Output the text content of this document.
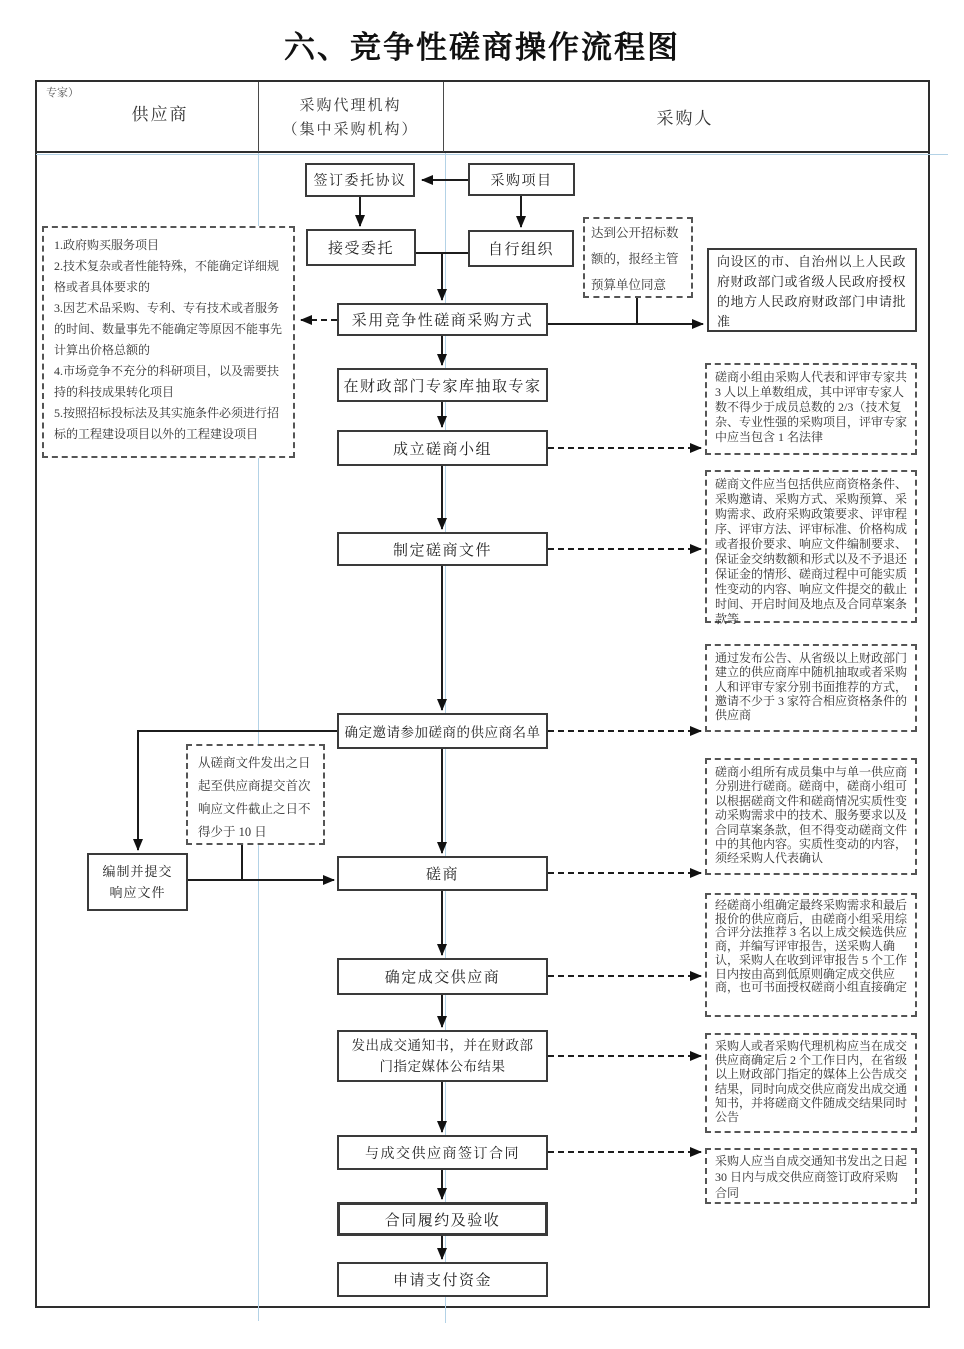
六、竞争性磋商操作流程图
专家）
供应商	采购代理机构
（集中采购机构）
采购人
签订委托协议	采购项目
接受委托	自行组织
采用竞争性磋商采购方式
在财政部门专家库抽取专家
成立磋商小组
制定磋商文件
确定邀请参加磋商的供应商名单
编制并提交
响应文件
磋商
确定成交供应商
发出成交通知书，并在财政部门指定媒体公布结果
与成交供应商签订合同
合同履约及验收
申请支付资金
向设区的市、自治州以上人民政府财政部门或省级人民政府授权的地方人民政府财政部门申请批准
达到公开招标数额的，报经主管预算单位同意
1.政府购买服务项目
2.技术复杂或者性能特殊，不能确定详细规格或者具体要求的
3.因艺术品采购、专利、专有技术或者服务的时间、数量事先不能确定等原因不能事先计算出价格总额的
4.市场竞争不充分的科研项目，以及需要扶持的科技成果转化项目
5.按照招标投标法及其实施条件必须进行招标的工程建设项目以外的工程建设项目
磋商小组由采购人代表和评审专家共 3 人以上单数组成，其中评审专家人数不得少于成员总数的 2/3（技术复杂、专业性强的采购项目，评审专家中应当包含 1 名法律
磋商文件应当包括供应商资格条件、采购邀请、采购方式、采购预算、采购需求、政府采购政策要求、评审程序、评审方法、评审标准、价格构成或者报价要求、响应文件编制要求、保证金交纳数额和形式以及不予退还保证金的情形、磋商过程中可能实质性变动的内容、响应文件提交的截止时间、开启时间及地点及合同草案条款等
通过发布公告、从省级以上财政部门建立的供应商库中随机抽取或者采购人和评审专家分别书面推荐的方式，邀请不少于 3 家符合相应资格条件的供应商
从磋商文件发出之日起至供应商提交首次响应文件截止之日不得少于 10 日
磋商小组所有成员集中与单一供应商分别进行磋商。磋商中，磋商小组可以根据磋商文件和磋商情况实质性变动采购需求中的技术、服务要求以及合同草案条款，但不得变动磋商文件中的其他内容。实质性变动的内容，须经采购人代表确认
经磋商小组确定最终采购需求和最后报价的供应商后，由磋商小组采用综合评分法推荐 3 名以上成交候选供应商，并编写评审报告，送采购人确认，采购人在收到评审报告 5 个工作日内按由高到低原则确定成交供应商，也可书面授权磋商小组直接确定
采购人或者采购代理机构应当在成交供应商确定后 2 个工作日内，在省级以上财政部门指定的媒体上公告成交结果，同时向成交供应商发出成交通知书，并将磋商文件随成交结果同时公告
采购人应当自成交通知书发出之日起 30 日内与成交供应商签订政府采购合同
